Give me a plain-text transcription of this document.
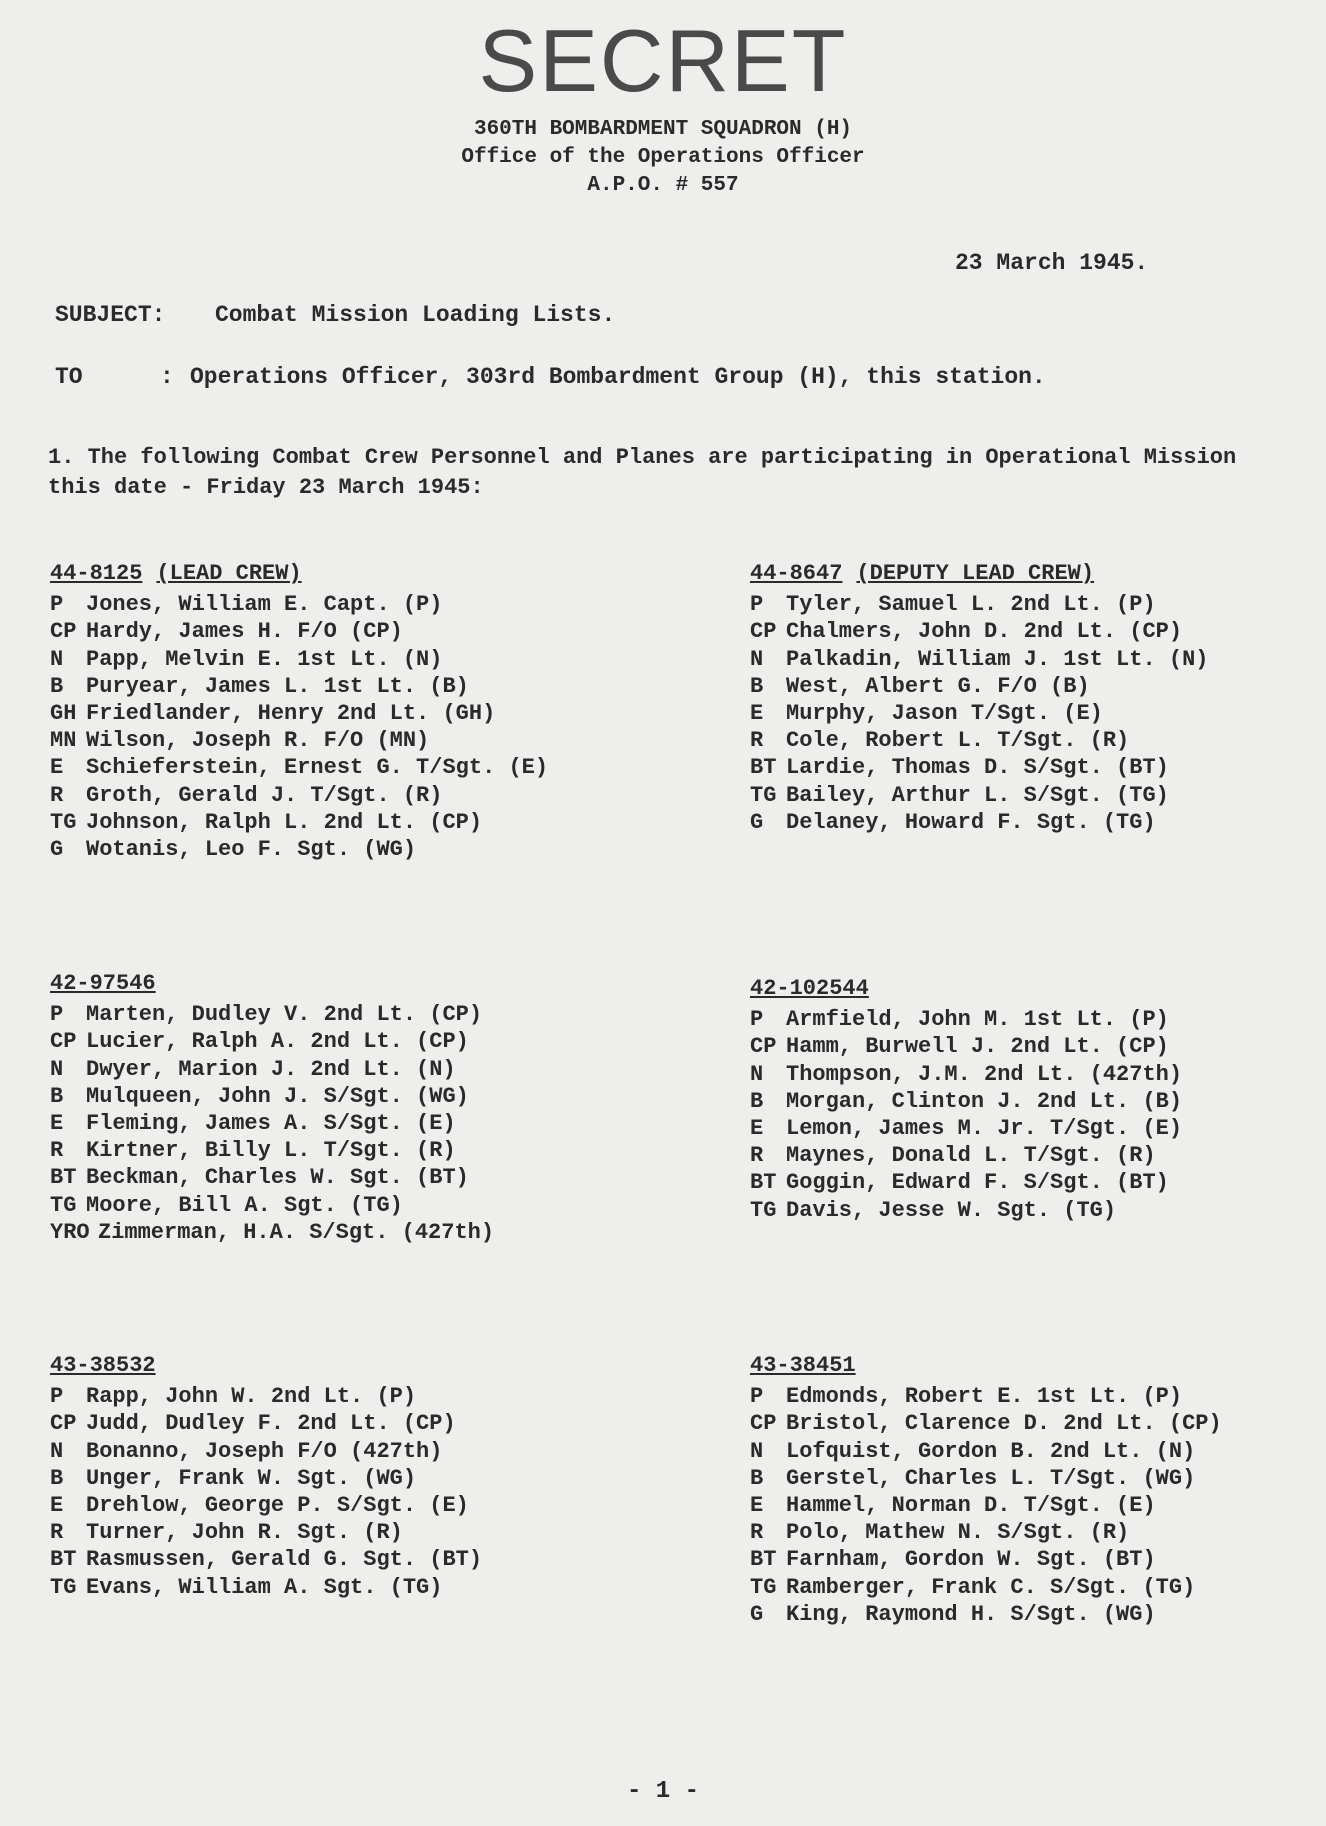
SECRET
360TH BOMBARDMENT SQUADRON (H)
Office of the Operations Officer
A.P.O. # 557
23 March 1945.
SUBJECT: Combat Mission Loading Lists.
TO	: Operations Officer, 303rd Bombardment Group (H), this station.
1. The following Combat Crew Personnel and Planes are participating in Operational Mission this date - Friday 23 March 1945:
44-8125 (LEAD CREW)
P Jones, William E. Capt. (P)
CP Hardy, James H. F/O (CP)
N Papp, Melvin E. 1st Lt. (N)
B Puryear, James L. 1st Lt. (B)
GH Friedlander, Henry 2nd Lt. (GH)
MN Wilson, Joseph R. F/O (MN)
E Schieferstein, Ernest G. T/Sgt. (E)
R Groth, Gerald J. T/Sgt. (R)
TG Johnson, Ralph L. 2nd Lt. (CP)
G Wotanis, Leo F. Sgt. (WG)
44-8647 (DEPUTY LEAD CREW)
P Tyler, Samuel L. 2nd Lt. (P)
CP Chalmers, John D. 2nd Lt. (CP)
N Palkadin, William J. 1st Lt. (N)
B West, Albert G. F/O (B)
E Murphy, Jason T/Sgt. (E)
R Cole, Robert L. T/Sgt. (R)
BT Lardie, Thomas D. S/Sgt. (BT)
TG Bailey, Arthur L. S/Sgt. (TG)
G Delaney, Howard F. Sgt. (TG)
42-97546
P Marten, Dudley V. 2nd Lt. (CP)
CP Lucier, Ralph A. 2nd Lt. (CP)
N Dwyer, Marion J. 2nd Lt. (N)
B Mulqueen, John J. S/Sgt. (WG)
E Fleming, James A. S/Sgt. (E)
R Kirtner, Billy L. T/Sgt. (R)
BT Beckman, Charles W. Sgt. (BT)
TG Moore, Bill A. Sgt. (TG)
YRO Zimmerman, H.A. S/Sgt. (427th)
42-102544
P Armfield, John M. 1st Lt. (P)
CP Hamm, Burwell J. 2nd Lt. (CP)
N Thompson, J.M. 2nd Lt. (427th)
B Morgan, Clinton J. 2nd Lt. (B)
E Lemon, James M. Jr. T/Sgt. (E)
R Maynes, Donald L. T/Sgt. (R)
BT Goggin, Edward F. S/Sgt. (BT)
TG Davis, Jesse W. Sgt. (TG)
43-38532
P Rapp, John W. 2nd Lt. (P)
CP Judd, Dudley F. 2nd Lt. (CP)
N Bonanno, Joseph F/O (427th)
B Unger, Frank W. Sgt. (WG)
E Drehlow, George P. S/Sgt. (E)
R Turner, John R. Sgt. (R)
BT Rasmussen, Gerald G. Sgt. (BT)
TG Evans, William A. Sgt. (TG)
43-38451
P Edmonds, Robert E. 1st Lt. (P)
CP Bristol, Clarence D. 2nd Lt. (CP)
N Lofquist, Gordon B. 2nd Lt. (N)
B Gerstel, Charles L. T/Sgt. (WG)
E Hammel, Norman D. T/Sgt. (E)
R Polo, Mathew N. S/Sgt. (R)
BT Farnham, Gordon W. Sgt. (BT)
TG Ramberger, Frank C. S/Sgt. (TG)
G King, Raymond H. S/Sgt. (WG)
- 1 -
